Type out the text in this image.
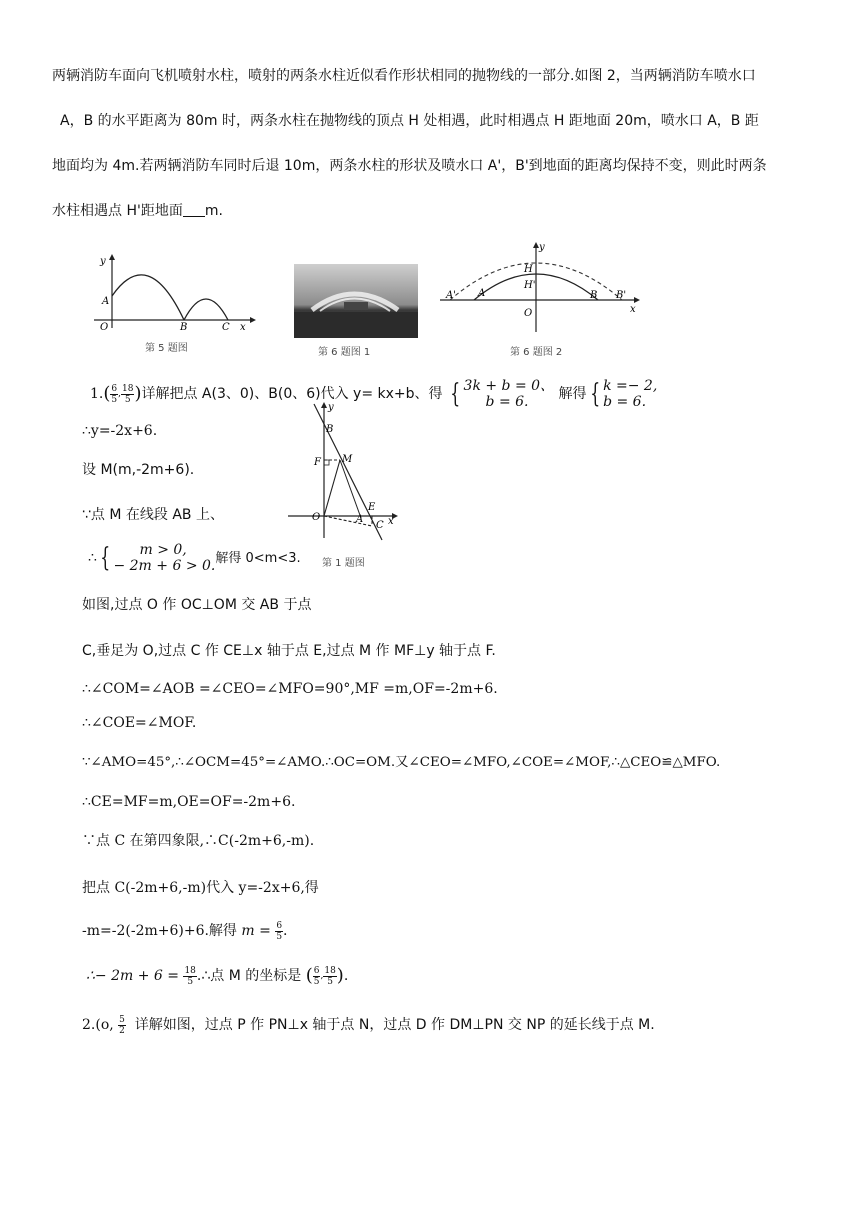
两辆消防车面向飞机喷射水柱，喷射的两条水柱近似看作形状相同的抛物线的一部分.如图 2，当两辆消防车喷水口
A，B 的水平距离为 80m 时，两条水柱在抛物线的顶点 H 处相遇，此时相遇点 H 距地面 20m，喷水口 A，B 距
地面均为 4m.若两辆消防车同时后退 10m，两条水柱的形状及喷水口 A'，B'到地面的距离均保持不变，则此时两条
水柱相遇点 H'距地面 m.
y
A
O	B	C x
第 5 题图	第 6 题图 1
y
H
H'
A' A	B B'
O	x
第 6 题图 2
$1.( \frac{6}{5}$ , $\frac{18}{5}$ )详解把点 A(3、0)、B(0、6)代入 y= kx+b、得 { 3k + b = 0、
b = 6.	解得 { k =− 2,
b = 6.
∴y=-2x+6.
设 M(m,-2m+6).
∵点 M 在线段 AB 上、
∴ {	m > 0,
− 2m + 6 > 0. 解得 0<m<3.
y
B
F M
E
O	A
C x
第 1 题图
如图,过点 O 作 OC⊥OM 交 AB 于点
C,垂足为 O,过点 C 作 CE⊥x 轴于点 E,过点 M 作 MF⊥y 轴于点 F.
∴∠COM=∠AOB =∠CEO=∠MFO=90°,MF =m,OF=-2m+6.
∴∠COE=∠MOF.
∵∠AMO=45°,∴∠OCM=45°=∠AMO.∴OC=OM.又∠CEO=∠MFO,∠COE=∠MOF,∴△CEO≌△MFO.
∴CE=MF=m,OE=OF=-2m+6.
∵点 C 在第四象限,∴C(-2m+6,-m).
把点 C(-2m+6,-m)代入 y=-2x+6,得
-m=-2(-2m+6)+6.解得 $m = \frac{6}{5}$ .
∴− $2m + 6 = \frac{18}{5}$ .∴点 M 的坐标是 ( $\frac{6}{5}$ , $\frac{18}{5}$ ).
2.(o, $\frac{5}{2}$ 详解如图，过点 P 作 PN⊥x 轴于点 N，过点 D 作 DM⊥PN 交 NP 的延长线于点 M.
